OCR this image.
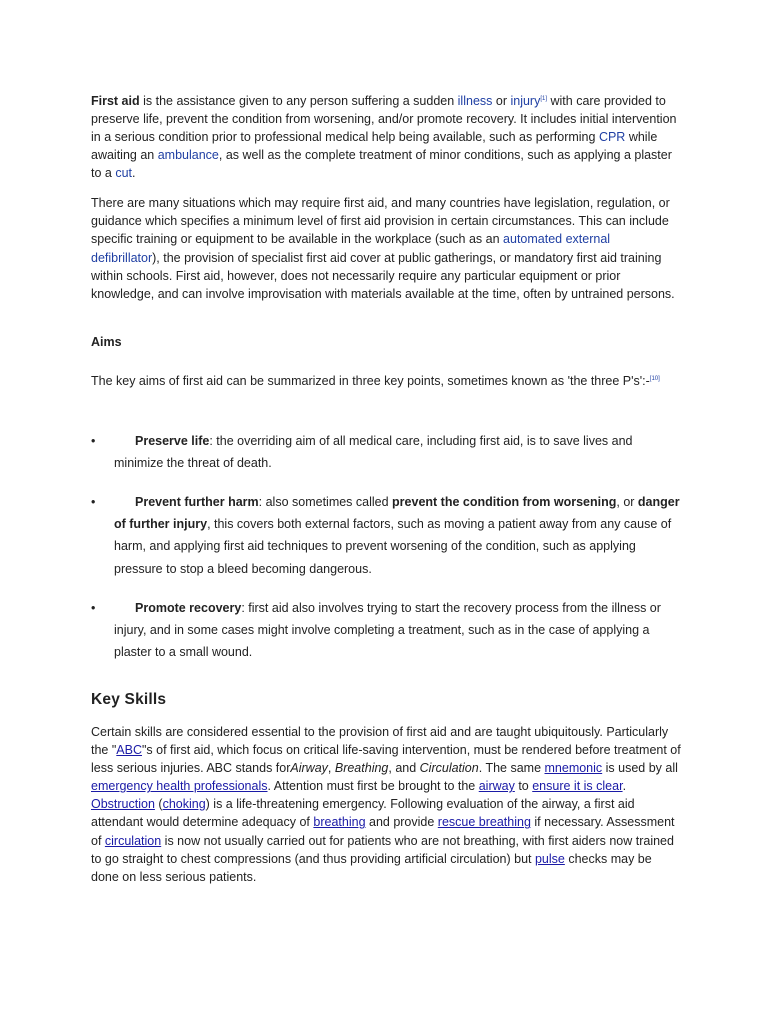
First aid is the assistance given to any person suffering a sudden illness or injury[1] with care provided to preserve life, prevent the condition from worsening, and/or promote recovery. It includes initial intervention in a serious condition prior to professional medical help being available, such as performing CPR while awaiting an ambulance, as well as the complete treatment of minor conditions, such as applying a plaster to a cut.

There are many situations which may require first aid, and many countries have legislation, regulation, or guidance which specifies a minimum level of first aid provision in certain circumstances. This can include specific training or equipment to be available in the workplace (such as an automated external defibrillator), the provision of specialist first aid cover at public gatherings, or mandatory first aid training within schools. First aid, however, does not necessarily require any particular equipment or prior knowledge, and can involve improvisation with materials available at the time, often by untrained persons.

Aims

The key aims of first aid can be summarized in three key points, sometimes known as 'the three P's':-[10]

•	Preserve life: the overriding aim of all medical care, including first aid, is to save lives and minimize the threat of death.

•	Prevent further harm: also sometimes called prevent the condition from worsening, or danger of further injury, this covers both external factors, such as moving a patient away from any cause of harm, and applying first aid techniques to prevent worsening of the condition, such as applying pressure to stop a bleed becoming dangerous.

•	Promote recovery: first aid also involves trying to start the recovery process from the illness or injury, and in some cases might involve completing a treatment, such as in the case of applying a plaster to a small wound.

Key Skills

Certain skills are considered essential to the provision of first aid and are taught ubiquitously. Particularly the "ABC"s of first aid, which focus on critical life-saving intervention, must be rendered before treatment of less serious injuries. ABC stands forAirway, Breathing, and Circulation. The same mnemonic is used by all emergency health professionals. Attention must first be brought to the airway to ensure it is clear. Obstruction (choking) is a life-threatening emergency. Following evaluation of the airway, a first aid attendant would determine adequacy of breathing and provide rescue breathing if necessary. Assessment of circulation is now not usually carried out for patients who are not breathing, with first aiders now trained to go straight to chest compressions (and thus providing artificial circulation) but pulse checks may be done on less serious patients.
